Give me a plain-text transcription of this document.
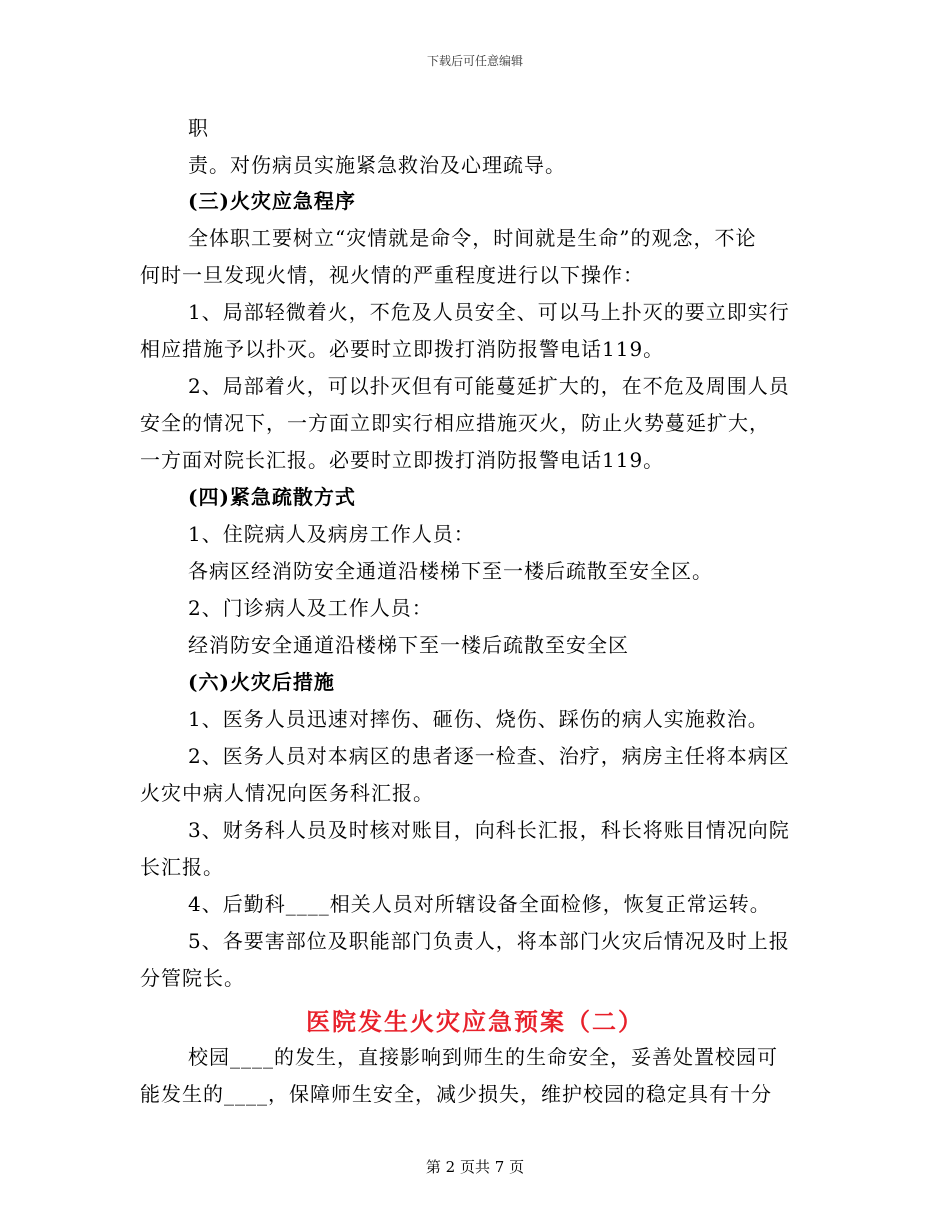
下载后可任意编辑
职
责。对伤病员实施紧急救治及心理疏导。
(三)火灾应急程序
全体职工要树立“灾情就是命令，时间就是生命”的观念，不论
何时一旦发现火情，视火情的严重程度进行以下操作：
1、局部轻微着火，不危及人员安全、可以马上扑灭的要立即实行
相应措施予以扑灭。必要时立即拨打消防报警电话119。
2、局部着火，可以扑灭但有可能蔓延扩大的，在不危及周围人员
安全的情况下，一方面立即实行相应措施灭火，防止火势蔓延扩大，
一方面对院长汇报。必要时立即拨打消防报警电话119。
(四)紧急疏散方式
1、住院病人及病房工作人员：
各病区经消防安全通道沿楼梯下至一楼后疏散至安全区。
2、门诊病人及工作人员：
经消防安全通道沿楼梯下至一楼后疏散至安全区
(六)火灾后措施
1、医务人员迅速对摔伤、砸伤、烧伤、踩伤的病人实施救治。
2、医务人员对本病区的患者逐一检查、治疗，病房主任将本病区
火灾中病人情况向医务科汇报。
3、财务科人员及时核对账目，向科长汇报，科长将账目情况向院
长汇报。
4、后勤科____相关人员对所辖设备全面检修，恢复正常运转。
5、各要害部位及职能部门负责人，将本部门火灾后情况及时上报
分管院长。
医院发生火灾应急预案（二）
校园____的发生，直接影响到师生的生命安全，妥善处置校园可
能发生的____，保障师生安全，减少损失，维护校园的稳定具有十分
第 2 页共 7 页
